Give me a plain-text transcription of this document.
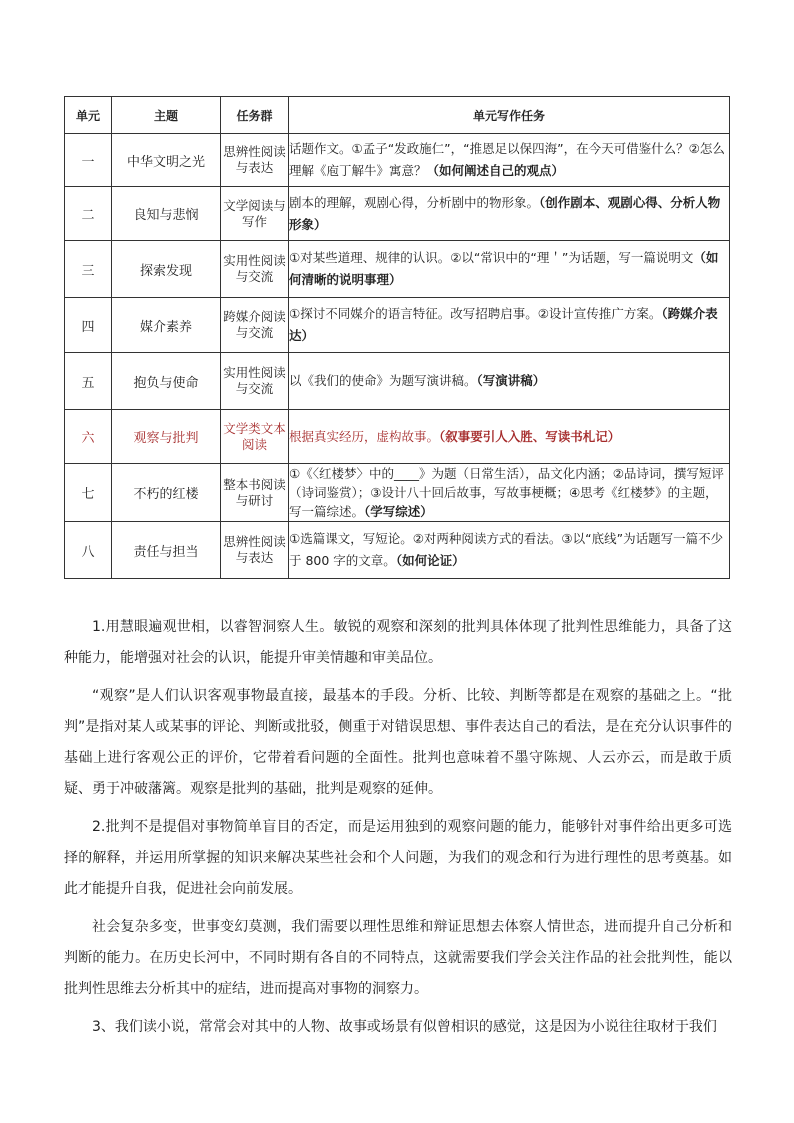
单元	主题	任务群	单元写作任务
一	中华文明之光	思辨性阅读与表达	话题作文。①孟子“发政施仁”，“推恩足以保四海”，在今天可借鉴什么？②怎么理解《庖丁解牛》寓意？（如何阐述自己的观点）
二	良知与悲悯	文学阅读与写作	剧本的理解，观剧心得，分析剧中的物形象。（创作剧本、观剧心得、分析人物形象）
三	探索发现	实用性阅读与交流	①对某些道理、规律的认识。②以“常识中的“理＇”为话题，写一篇说明文（如何清晰的说明事理）
四	媒介素养	跨媒介阅读与交流	①探讨不同媒介的语言特征。改写招聘启事。②设计宣传推广方案。（跨媒介表达）
五	抱负与使命	实用性阅读与交流	以《我们的使命》为题写演讲稿。（写演讲稿）
六	观察与批判	文学类文本阅读	根据真实经历，虚构故事。（叙事要引人入胜、写读书札记）
七	不朽的红楼	整本书阅读与研讨	①《〈红楼梦〉中的____》为题（日常生活），品文化内涵；②品诗词，撰写短评（诗词鉴赏）；③设计八十回后故事，写故事梗概；④思考《红楼梦》的主题，写一篇综述。（学写综述）
八	责任与担当	思辨性阅读与表达	①选篇课文，写短论。②对两种阅读方式的看法。③以“底线”为话题写一篇不少于 800 字的文章。（如何论证）

1.用慧眼遍观世相，以睿智洞察人生。敏锐的观察和深刻的批判具体体现了批判性思维能力，具备了这种能力，能增强对社会的认识，能提升审美情趣和审美品位。

“观察”是人们认识客观事物最直接，最基本的手段。分析、比较、判断等都是在观察的基础之上。“批判”是指对某人或某事的评论、判断或批驳，侧重于对错误思想、事件表达自己的看法，是在充分认识事件的基础上进行客观公正的评价，它带着看问题的全面性。批判也意味着不墨守陈规、人云亦云，而是敢于质疑、勇于冲破藩篱。观察是批判的基础，批判是观察的延伸。

2.批判不是提倡对事物简单盲目的否定，而是运用独到的观察问题的能力，能够针对事件给出更多可选择的解释，并运用所掌握的知识来解决某些社会和个人问题，为我们的观念和行为进行理性的思考奠基。如此才能提升自我，促进社会向前发展。

社会复杂多变，世事变幻莫测，我们需要以理性思维和辩证思想去体察人情世态，进而提升自己分析和判断的能力。在历史长河中，不同时期有各自的不同特点，这就需要我们学会关注作品的社会批判性，能以批判性思维去分析其中的症结，进而提高对事物的洞察力。

3、我们读小说，常常会对其中的人物、故事或场景有似曾相识的感觉，这是因为小说往往取材于我们
